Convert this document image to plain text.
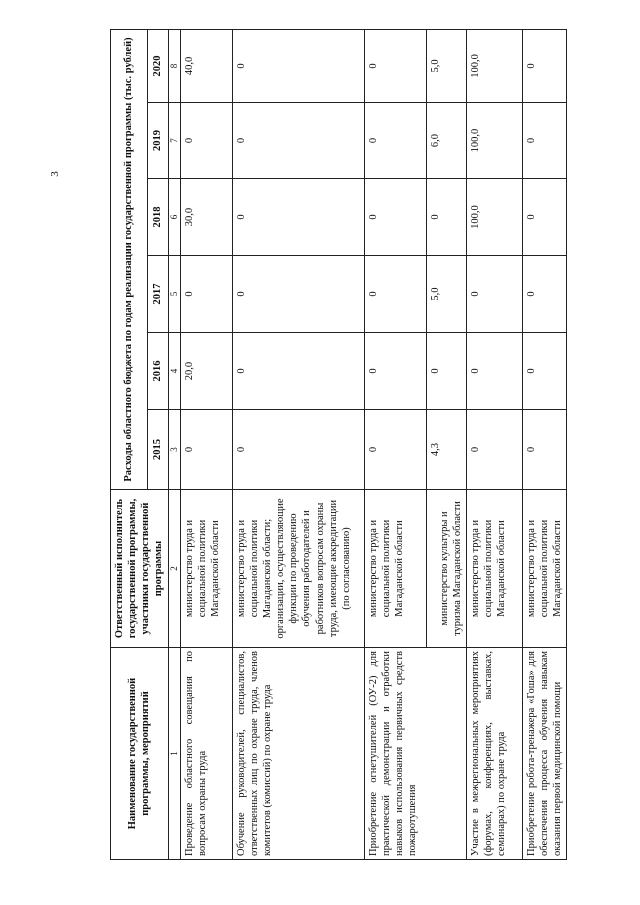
3
Наименование государственной программы, мероприятий	Ответственный исполнитель государственной программы, участники государственной программы	Расходы областного бюджета по годам реализации государственной программы (тыс. рублей)					
		2015	2016	2017	2018	2019	2020
1	2	3	4	5	6	7	8
Проведение областного совещания по вопросам охраны труда	министерство труда и социальной политики Магаданской области	0	20,0	0	30,0	0	40,0
Обучение руководителей, специалистов, ответственных лиц по охране труда, членов комитетов (комиссий) по охране труда	министерство труда и социальной политики Магаданской области; организации, осуществляющие функции по проведению обучения работодателей и работников вопросам охраны труда, имеющие аккредитации (по согласованию)	0	0	0	0	0	0
Приобретение огнетушителей (ОУ-2) для практической демонстрации и отработки навыков использования первичных средств пожаротушения	министерство труда и социальной политики Магаданской области	0	0	0	0	0	0
	министерство культуры и туризма Магаданской области	4,3	0	5,0	0	6,0	5,0
Участие в межрегиональных мероприятиях (форумах, конференциях, выставках, семинарах) по охране труда	министерство труда и социальной политики Магаданской области	0	0	0	100,0	100,0	100,0
Приобретение робота-тренажера «Гоша» для обеспечения процесса обучения навыкам оказания первой медицинской помощи	министерство труда и социальной политики Магаданской области	0	0	0	0	0	0
